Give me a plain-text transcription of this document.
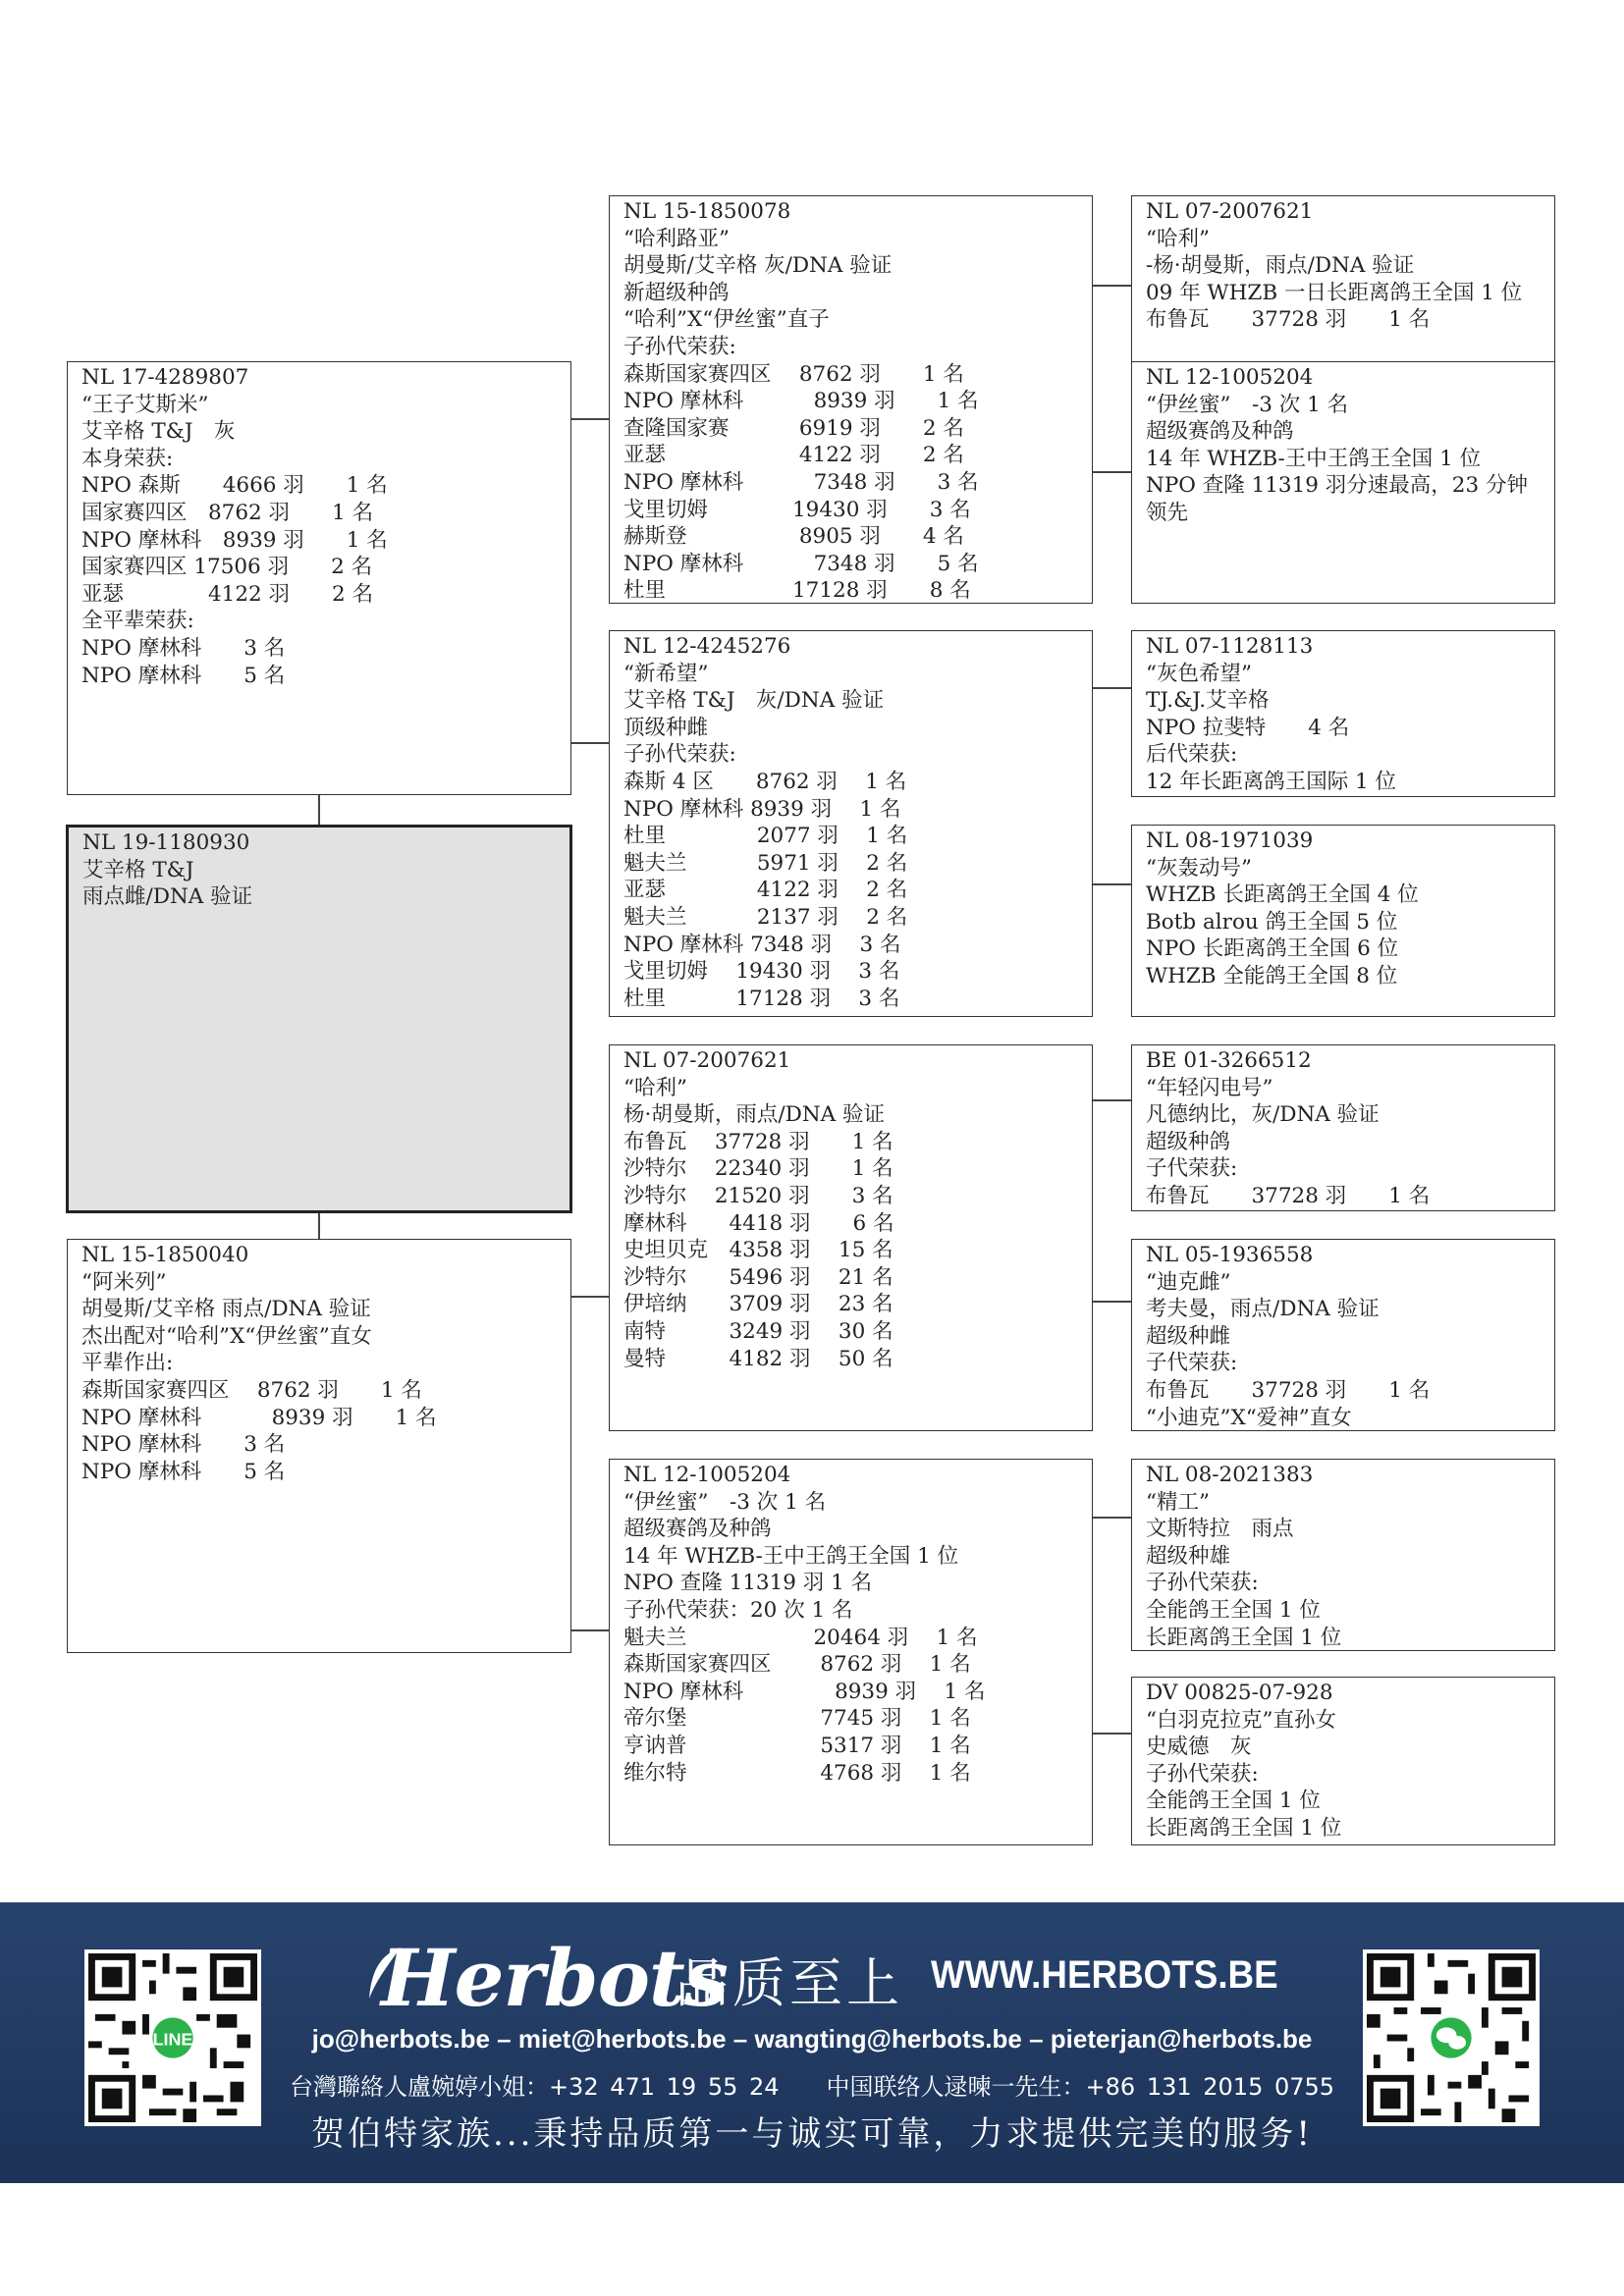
NL 17-4289807
“王子艾斯米”
艾辛格 T&J　灰
本身荣获:
NPO 森斯　　4666 羽　　1 名
国家赛四区　8762 羽　　1 名
NPO 摩林科　8939 羽　　1 名
国家赛四区 17506 羽　　2 名
亚瑟　　　　4122 羽　　2 名
全平辈荣获:
NPO 摩林科　　3 名
NPO 摩林科　　5 名
NL 19-1180930
艾辛格 T&J
雨点雌/DNA 验证
NL 15-1850040
“阿米列”
胡曼斯/艾辛格 雨点/DNA 验证
杰出配对“哈利”X“伊丝蜜”直女
平辈作出:
森斯国家赛四区　 8762 羽　　1 名
NPO 摩林科　　　 8939 羽　　1 名
NPO 摩林科　　3 名
NPO 摩林科　　5 名
NL 15-1850078
“哈利路亚”
胡曼斯/艾辛格 灰/DNA 验证
新超级种鸽
“哈利”X“伊丝蜜”直子
子孙代荣获:
森斯国家赛四区　 8762 羽　　1 名
NPO 摩林科　　　 8939 羽　　1 名
查隆国家赛　　　 6919 羽　　2 名
亚瑟　　　　　　 4122 羽　　2 名
NPO 摩林科　　　 7348 羽　　3 名
戈里切姆　　　　19430 羽　　3 名
赫斯登　　　　　 8905 羽　　4 名
NPO 摩林科　　　 7348 羽　　5 名
杜里　　　　　　17128 羽　　8 名
NL 12-4245276
“新希望”
艾辛格 T&J　灰/DNA 验证
顶级种雌
子孙代荣获:
森斯 4 区　　8762 羽　 1 名
NPO 摩林科 8939 羽　 1 名
杜里　　　　 2077 羽　 1 名
魁夫兰　　　 5971 羽　 2 名
亚瑟　　　　 4122 羽　 2 名
魁夫兰　　　 2137 羽　 2 名
NPO 摩林科 7348 羽　 3 名
戈里切姆　 19430 羽　 3 名
杜里　　　 17128 羽　 3 名
NL 07-2007621
“哈利”
杨·胡曼斯，雨点/DNA 验证
布鲁瓦　 37728 羽　　1 名
沙特尔　 22340 羽　　1 名
沙特尔　 21520 羽　　3 名
摩林科　　4418 羽　　6 名
史坦贝克　4358 羽　 15 名
沙特尔　　5496 羽　 21 名
伊培纳　　3709 羽　 23 名
南特　　　3249 羽　 30 名
曼特　　　4182 羽　 50 名
NL 12-1005204
“伊丝蜜”　-3 次 1 名
超级赛鸽及种鸽
14 年 WHZB-王中王鸽王全国 1 位
NPO 查隆 11319 羽 1 名
子孙代荣获：20 次 1 名
魁夫兰　　　　　　20464 羽　 1 名
森斯国家赛四区　　 8762 羽　 1 名
NPO 摩林科　　　　 8939 羽　 1 名
帝尔堡　　　　　　 7745 羽　 1 名
亨讷普　　　　　　 5317 羽　 1 名
维尔特　　　　　　 4768 羽　 1 名
NL 07-2007621
“哈利”
-杨·胡曼斯，雨点/DNA 验证
09 年 WHZB 一日长距离鸽王全国 1 位
布鲁瓦　　37728 羽　　1 名
NL 12-1005204
“伊丝蜜”　-3 次 1 名
超级赛鸽及种鸽
14 年 WHZB-王中王鸽王全国 1 位
NPO 查隆 11319 羽分速最高，23 分钟
领先
NL 07-1128113
“灰色希望”
TJ.&J.艾辛格
NPO 拉斐特　　4 名
后代荣获:
12 年长距离鸽王国际 1 位
NL 08-1971039
“灰轰动号”
WHZB 长距离鸽王全国 4 位
Botb alrou 鸽王全国 5 位
NPO 长距离鸽王全国 6 位
WHZB 全能鸽王全国 8 位
BE 01-3266512
“年轻闪电号”
凡德纳比，灰/DNA 验证
超级种鸽
子代荣获:
布鲁瓦　　37728 羽　　1 名
NL 05-1936558
“迪克雌”
考夫曼，雨点/DNA 验证
超级种雌
子代荣获:
布鲁瓦　　37728 羽　　1 名
“小迪克”X“爱神”直女
NL 08-2021383
“精工”
文斯特拉　雨点
超级种雄
子孙代荣获:
全能鸽王全国 1 位
长距离鸽王全国 1 位
DV 00825-07-928
“白羽克拉克”直孙女
史威德　灰
子孙代荣获:
全能鸽王全国 1 位
长距离鸽王全国 1 位
LINE
Herbots
品质至上 WWW.HERBOTS.BE
jo@herbots.be – miet@herbots.be – wangting@herbots.be – pieterjan@herbots.be
台灣聯絡人盧婉婷小姐：+32 471 19 55 24　　中国联络人逯暕一先生：+86 131 2015 0755
贺伯特家族...秉持品质第一与诚实可靠，力求提供完美的服务!
